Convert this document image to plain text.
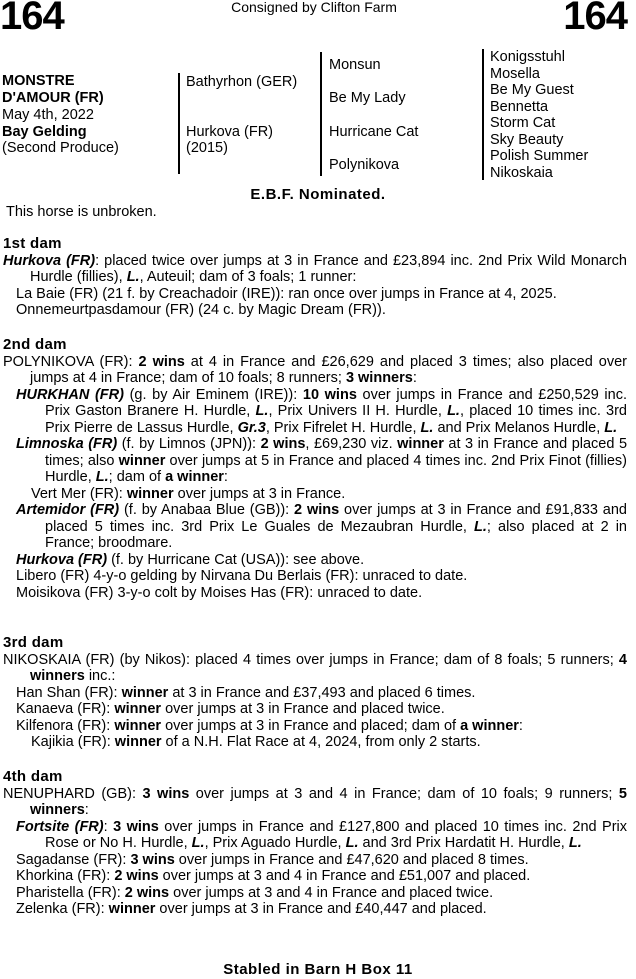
164	164
Consigned by Clifton Farm
MONSTRE
D'AMOUR (FR)
May 4th, 2022
Bay Gelding
(Second Produce)
Bathyrhon (GER)
Hurkova (FR)
(2015)
Monsun
Be My Lady
Hurricane Cat
Polynikova
Konigsstuhl
Mosella
Be My Guest
Bennetta
Storm Cat
Sky Beauty
Polish Summer
Nikoskaia
E.B.F. Nominated.
This horse is unbroken.
1st dam
Hurkova (FR): placed twice over jumps at 3 in France and £23,894 inc. 2nd Prix Wild Monarch Hurdle (fillies), L., Auteuil; dam of 3 foals; 1 runner:
La Baie (FR) (21 f. by Creachadoir (IRE)): ran once over jumps in France at 4, 2025.
Onnemeurtpasdamour (FR) (24 c. by Magic Dream (FR)).
2nd dam
POLYNIKOVA (FR): 2 wins at 4 in France and £26,629 and placed 3 times; also placed over jumps at 4 in France; dam of 10 foals; 8 runners; 3 winners:
HURKHAN (FR) (g. by Air Eminem (IRE)): 10 wins over jumps in France and £250,529 inc. Prix Gaston Branere H. Hurdle, L., Prix Univers II H. Hurdle, L., placed 10 times inc. 3rd Prix Pierre de Lassus Hurdle, Gr.3, Prix Fifrelet H. Hurdle, L. and Prix Melanos Hurdle, L.
Limnoska (FR) (f. by Limnos (JPN)): 2 wins, £69,230 viz. winner at 3 in France and placed 5 times; also winner over jumps at 5 in France and placed 4 times inc. 2nd Prix Finot (fillies) Hurdle, L.; dam of a winner:
Vert Mer (FR): winner over jumps at 3 in France.
Artemidor (FR) (f. by Anabaa Blue (GB)): 2 wins over jumps at 3 in France and £91,833 and placed 5 times inc. 3rd Prix Le Guales de Mezaubran Hurdle, L.; also placed at 2 in France; broodmare.
Hurkova (FR) (f. by Hurricane Cat (USA)): see above.
Libero (FR) 4-y-o gelding by Nirvana Du Berlais (FR): unraced to date.
Moisikova (FR) 3-y-o colt by Moises Has (FR): unraced to date.
3rd dam
NIKOSKAIA (FR) (by Nikos): placed 4 times over jumps in France; dam of 8 foals; 5 runners; 4 winners inc.:
Han Shan (FR): winner at 3 in France and £37,493 and placed 6 times.
Kanaeva (FR): winner over jumps at 3 in France and placed twice.
Kilfenora (FR): winner over jumps at 3 in France and placed; dam of a winner:
Kajikia (FR): winner of a N.H. Flat Race at 4, 2024, from only 2 starts.
4th dam
NENUPHARD (GB): 3 wins over jumps at 3 and 4 in France; dam of 10 foals; 9 runners; 5 winners:
Fortsite (FR): 3 wins over jumps in France and £127,800 and placed 10 times inc. 2nd Prix Rose or No H. Hurdle, L., Prix Aguado Hurdle, L. and 3rd Prix Hardatit H. Hurdle, L.
Sagadanse (FR): 3 wins over jumps in France and £47,620 and placed 8 times.
Khorkina (FR): 2 wins over jumps at 3 and 4 in France and £51,007 and placed.
Pharistella (FR): 2 wins over jumps at 3 and 4 in France and placed twice.
Zelenka (FR): winner over jumps at 3 in France and £40,447 and placed.
Stabled in Barn H Box 11
